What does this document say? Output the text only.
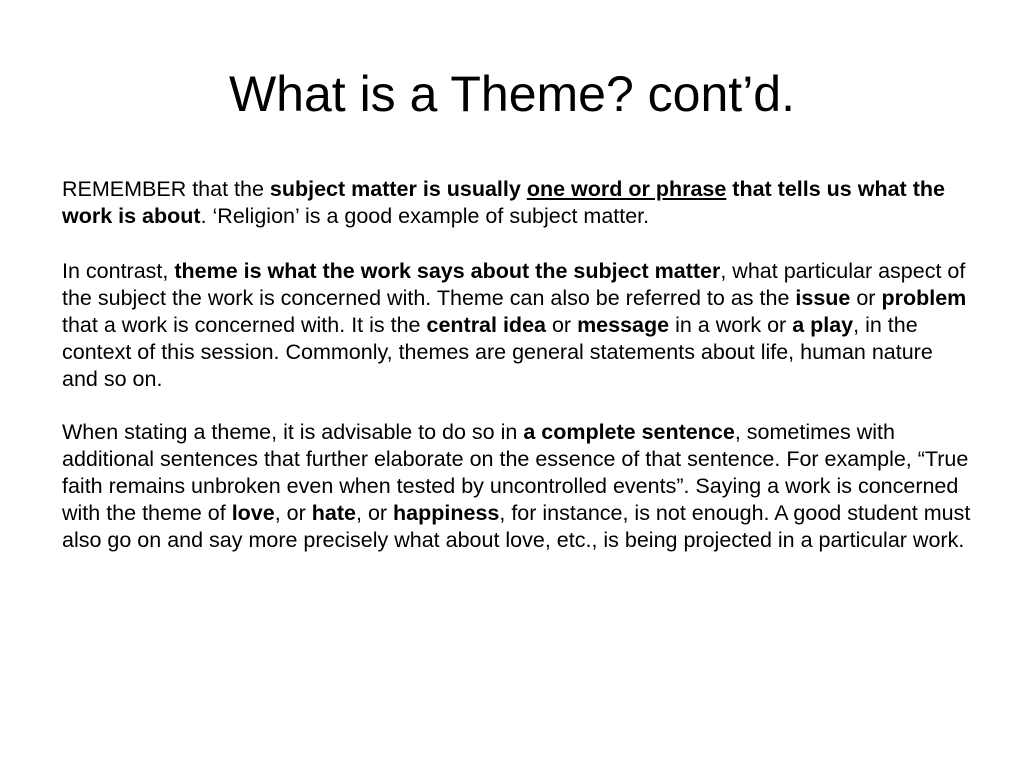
What is a Theme? cont’d.

REMEMBER that the subject matter is usually one word or phrase that tells us what the work is about. ‘Religion’ is a good example of subject matter.

In contrast, theme is what the work says about the subject matter, what particular aspect of the subject the work is concerned with. Theme can also be referred to as the issue or problem that a work is concerned with. It is the central idea or message in a work or a play, in the context of this session. Commonly, themes are general statements about life, human nature and so on.

When stating a theme, it is advisable to do so in a complete sentence, sometimes with additional sentences that further elaborate on the essence of that sentence. For example, “True faith remains unbroken even when tested by uncontrolled events”. Saying a work is concerned with the theme of love, or hate, or happiness, for instance, is not enough. A good student must also go on and say more precisely what about love, etc., is being projected in a particular work.
